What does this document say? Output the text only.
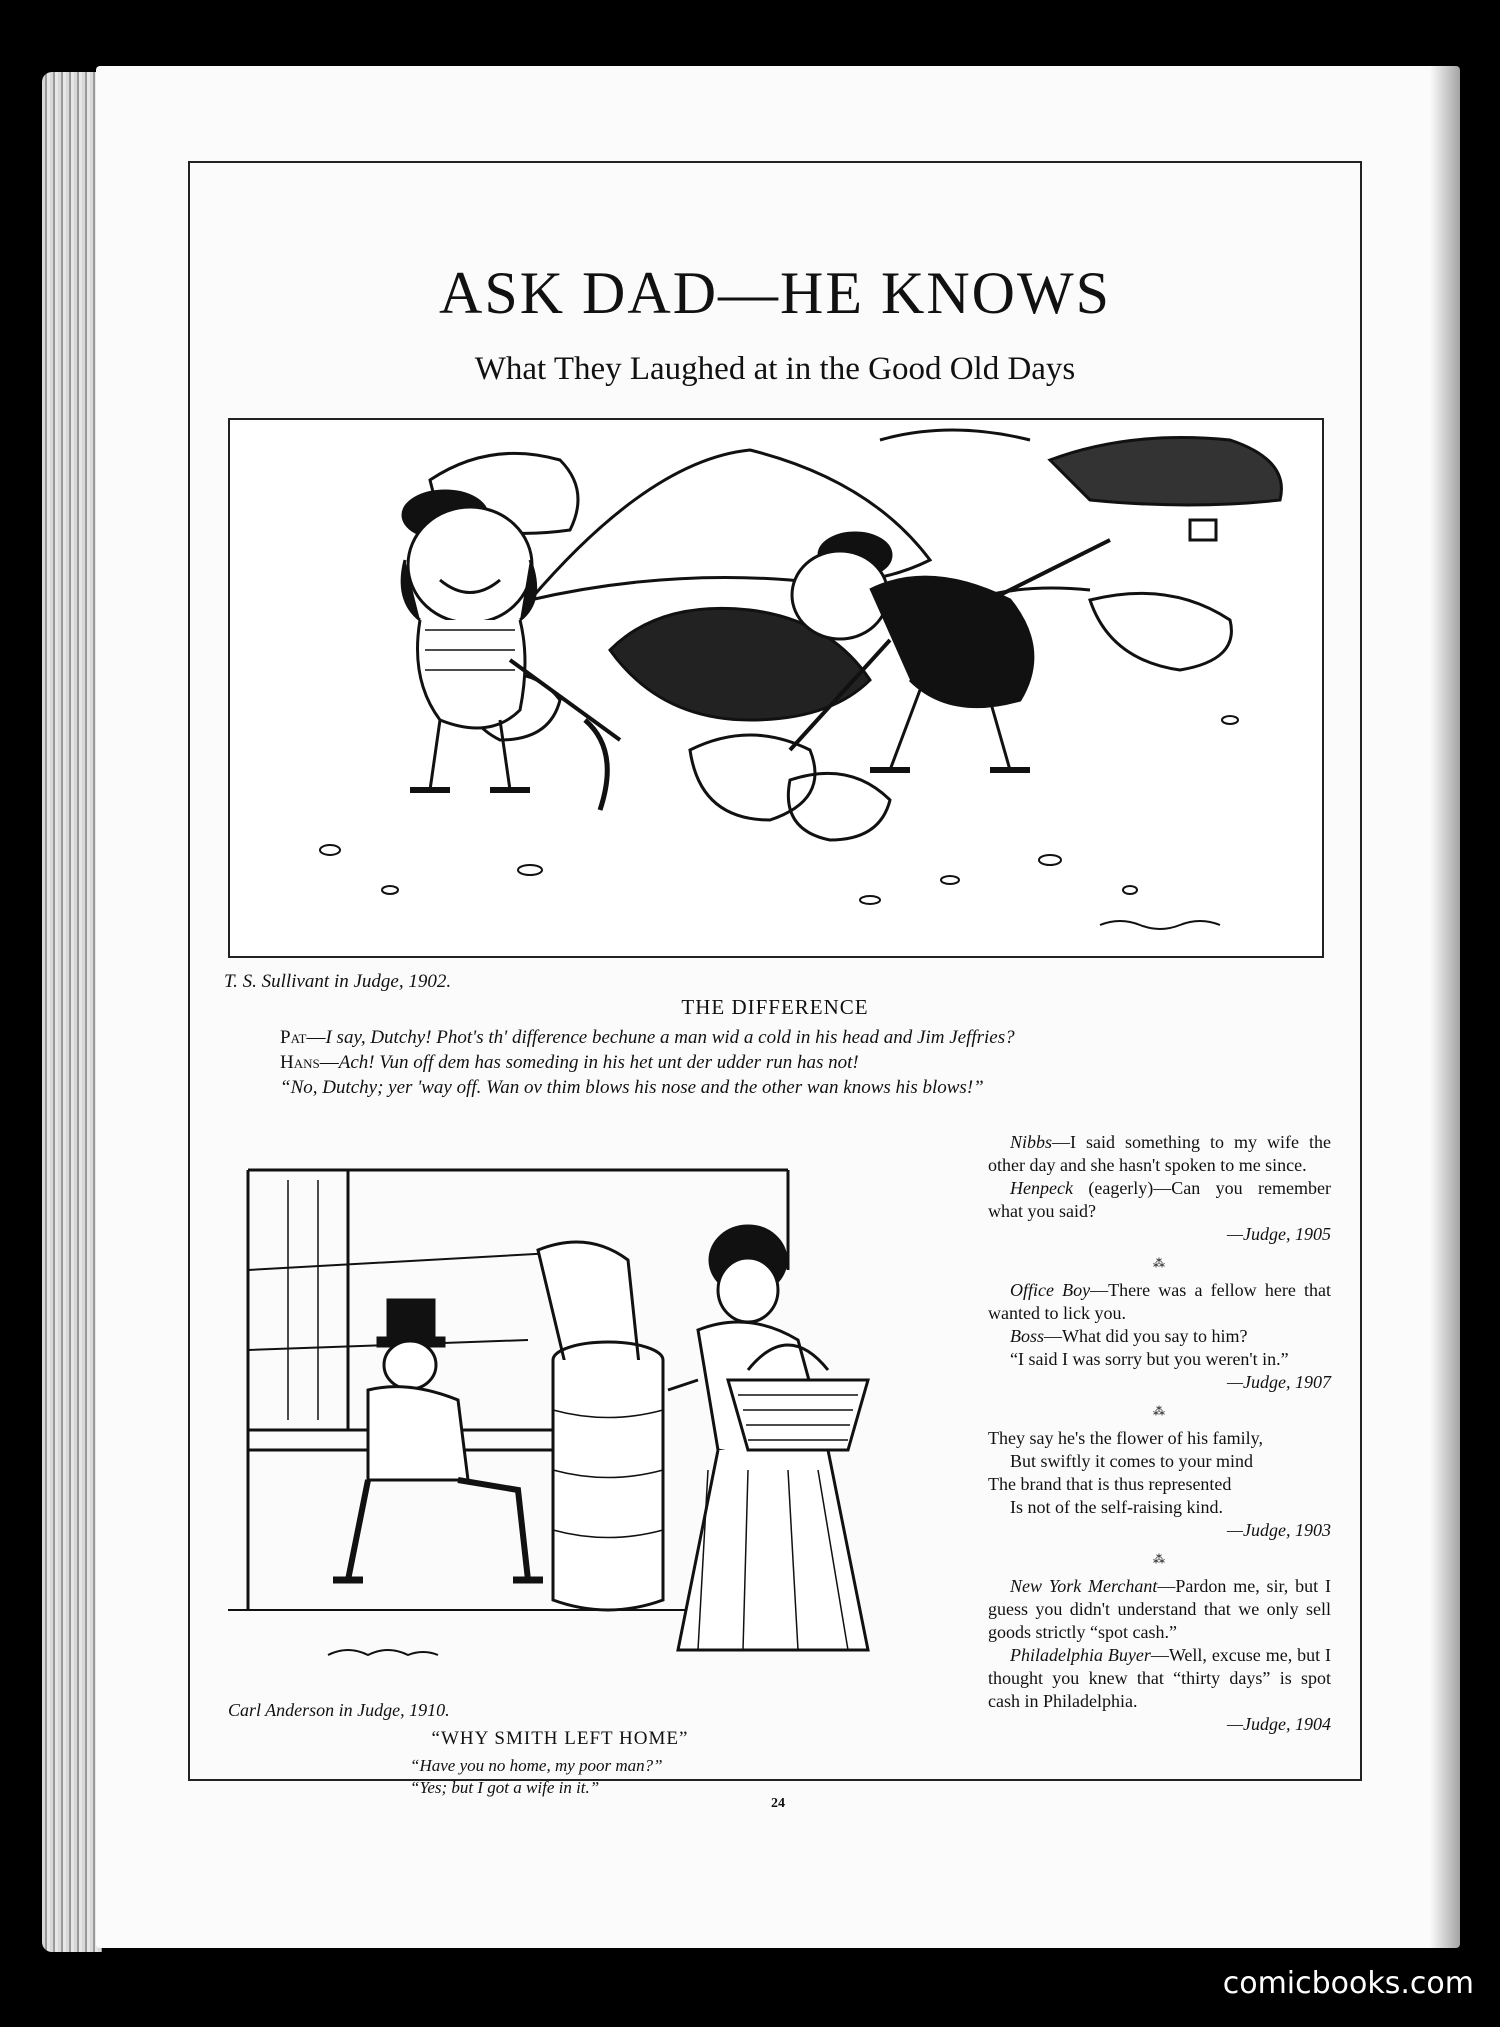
ASK DAD—HE KNOWS
What They Laughed at in the Good Old Days
T. S. Sullivant in Judge, 1902.
THE DIFFERENCE
Pat—I say, Dutchy! Phot's th' difference bechune a man wid a cold in his head and Jim Jeffries?
Hans—Ach! Vun off dem has someding in his het unt der udder run has not!
“No, Dutchy; yer 'way off. Wan ov thim blows his nose and the other wan knows his blows!”
Carl Anderson in Judge, 1910.
“WHY SMITH LEFT HOME”
“Have you no home, my poor man?”
“Yes; but I got a wife in it.”

Nibbs—I said something to my wife the other day and she hasn't spoken to me since.

Henpeck (eagerly)—Can you remember what you said?

—Judge, 1905

⁂

Office Boy—There was a fellow here that wanted to lick you.

Boss—What did you say to him?

“I said I was sorry but you weren't in.”

—Judge, 1907

⁂

They say he's the flower of his family,

But swiftly it comes to your mind

The brand that is thus represented

Is not of the self-raising kind.

—Judge, 1903

⁂

New York Merchant—Pardon me, sir, but I guess you didn't understand that we only sell goods strictly “spot cash.”

Philadelphia Buyer—Well, excuse me, but I thought you knew that “thirty days” is spot cash in Philadelphia.

—Judge, 1904

24
comicbooks.com
